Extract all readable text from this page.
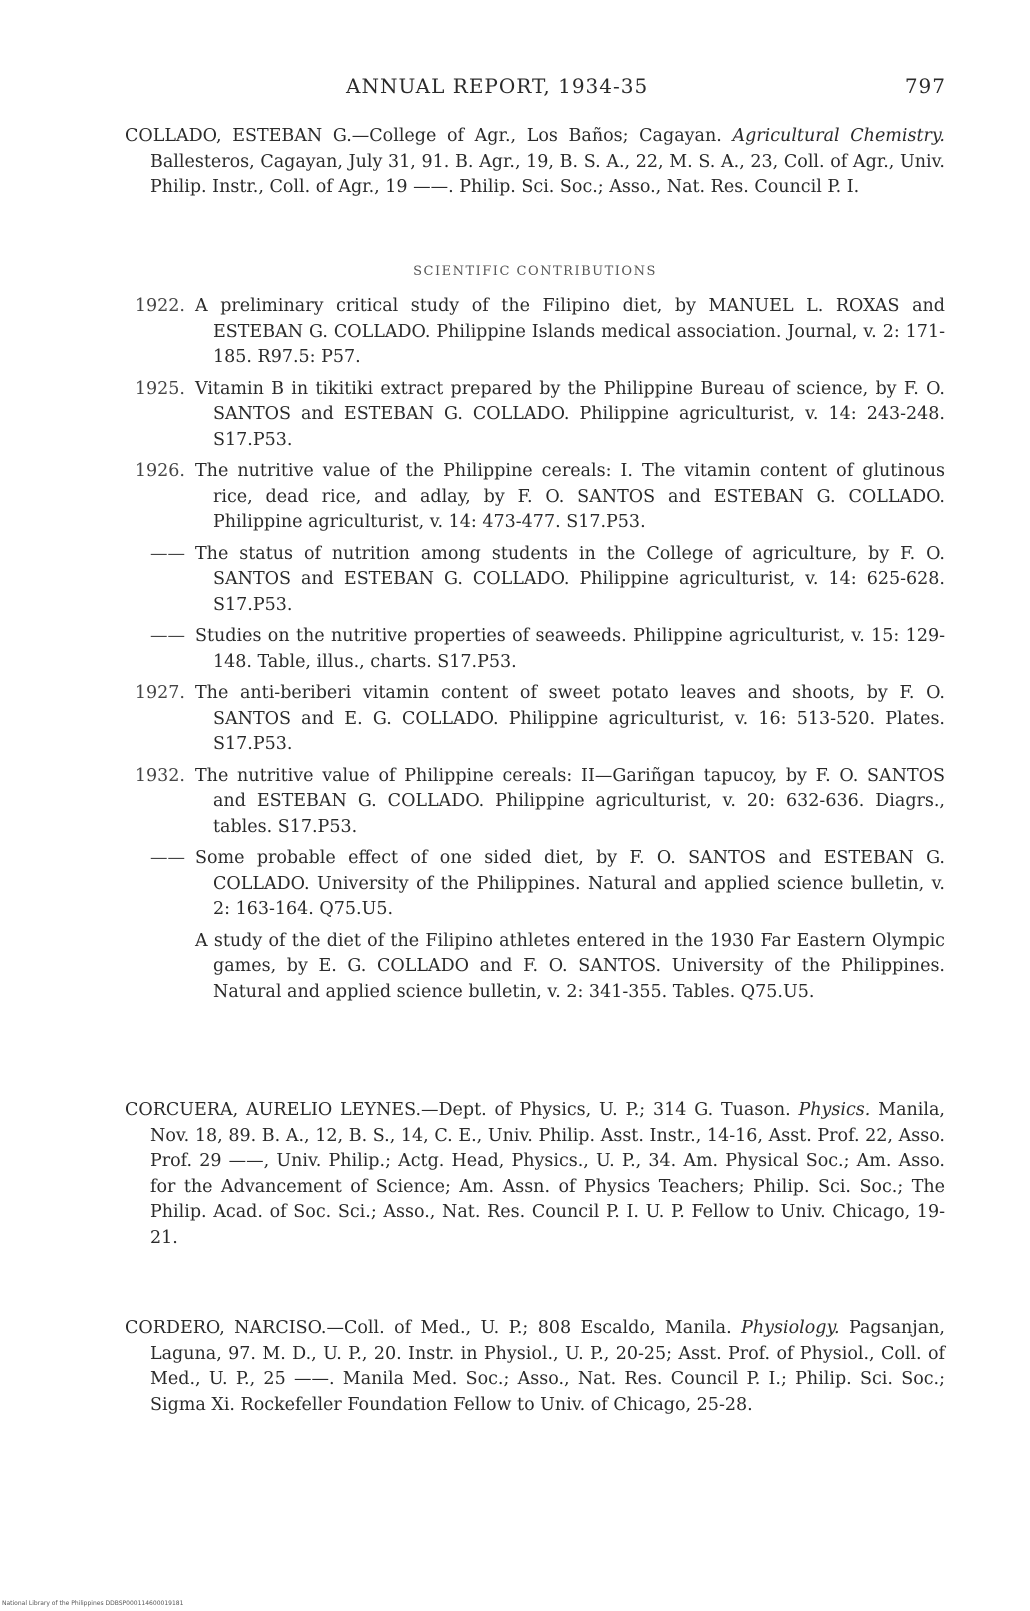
ANNUAL REPORT, 1934-35	797

COLLADO, ESTEBAN G.—College of Agr., Los Baños; Cagayan. Agricultural Chemistry. Ballesteros, Cagayan, July 31, 91. B. Agr., 19, B. S. A., 22, M. S. A., 23, Coll. of Agr., Univ. Philip. Instr., Coll. of Agr., 19 ——. Philip. Sci. Soc.; Asso., Nat. Res. Council P. I.

SCIENTIFIC CONTRIBUTIONS
1922. A preliminary critical study of the Filipino diet, by MANUEL L. ROXAS and ESTEBAN G. COLLADO. Philippine Islands medical association. Journal, v. 2: 171-185. R97.5: P57.
1925. Vitamin B in tikitiki extract prepared by the Philippine Bureau of science, by F. O. SANTOS and ESTEBAN G. COLLADO. Philippine agriculturist, v. 14: 243-248. S17.P53.
1926. The nutritive value of the Philippine cereals: I. The vitamin content of glutinous rice, dead rice, and adlay, by F. O. SANTOS and ESTEBAN G. COLLADO. Philippine agriculturist, v. 14: 473-477. S17.P53.
—— The status of nutrition among students in the College of agriculture, by F. O. SANTOS and ESTEBAN G. COLLADO. Philippine agriculturist, v. 14: 625-628. S17.P53.
—— Studies on the nutritive properties of seaweeds. Philippine agriculturist, v. 15: 129-148. Table, illus., charts. S17.P53.
1927. The anti-beriberi vitamin content of sweet potato leaves and shoots, by F. O. SANTOS and E. G. COLLADO. Philippine agriculturist, v. 16: 513-520. Plates. S17.P53.
1932. The nutritive value of Philippine cereals: II—Gariñgan tapucoy, by F. O. SANTOS and ESTEBAN G. COLLADO. Philippine agriculturist, v. 20: 632-636. Diagrs., tables. S17.P53.
—— Some probable effect of one sided diet, by F. O. SANTOS and ESTEBAN G. COLLADO. University of the Philippines. Natural and applied science bulletin, v. 2: 163-164. Q75.U5.
A study of the diet of the Filipino athletes entered in the 1930 Far Eastern Olympic games, by E. G. COLLADO and F. O. SANTOS. University of the Philippines. Natural and applied science bulletin, v. 2: 341-355. Tables. Q75.U5.

CORCUERA, AURELIO LEYNES.—Dept. of Physics, U. P.; 314 G. Tuason. Physics. Manila, Nov. 18, 89. B. A., 12, B. S., 14, C. E., Univ. Philip. Asst. Instr., 14-16, Asst. Prof. 22, Asso. Prof. 29 ——, Univ. Philip.; Actg. Head, Physics., U. P., 34. Am. Physical Soc.; Am. Asso. for the Advancement of Science; Am. Assn. of Physics Teachers; Philip. Sci. Soc.; The Philip. Acad. of Soc. Sci.; Asso., Nat. Res. Council P. I. U. P. Fellow to Univ. Chicago, 19-21.

CORDERO, NARCISO.—Coll. of Med., U. P.; 808 Escaldo, Manila. Physiology. Pagsanjan, Laguna, 97. M. D., U. P., 20. Instr. in Physiol., U. P., 20-25; Asst. Prof. of Physiol., Coll. of Med., U. P., 25 ——. Manila Med. Soc.; Asso., Nat. Res. Council P. I.; Philip. Sci. Soc.; Sigma Xi. Rockefeller Foundation Fellow to Univ. of Chicago, 25-28.

National Library of the Philippines DDBSP000114600019181
